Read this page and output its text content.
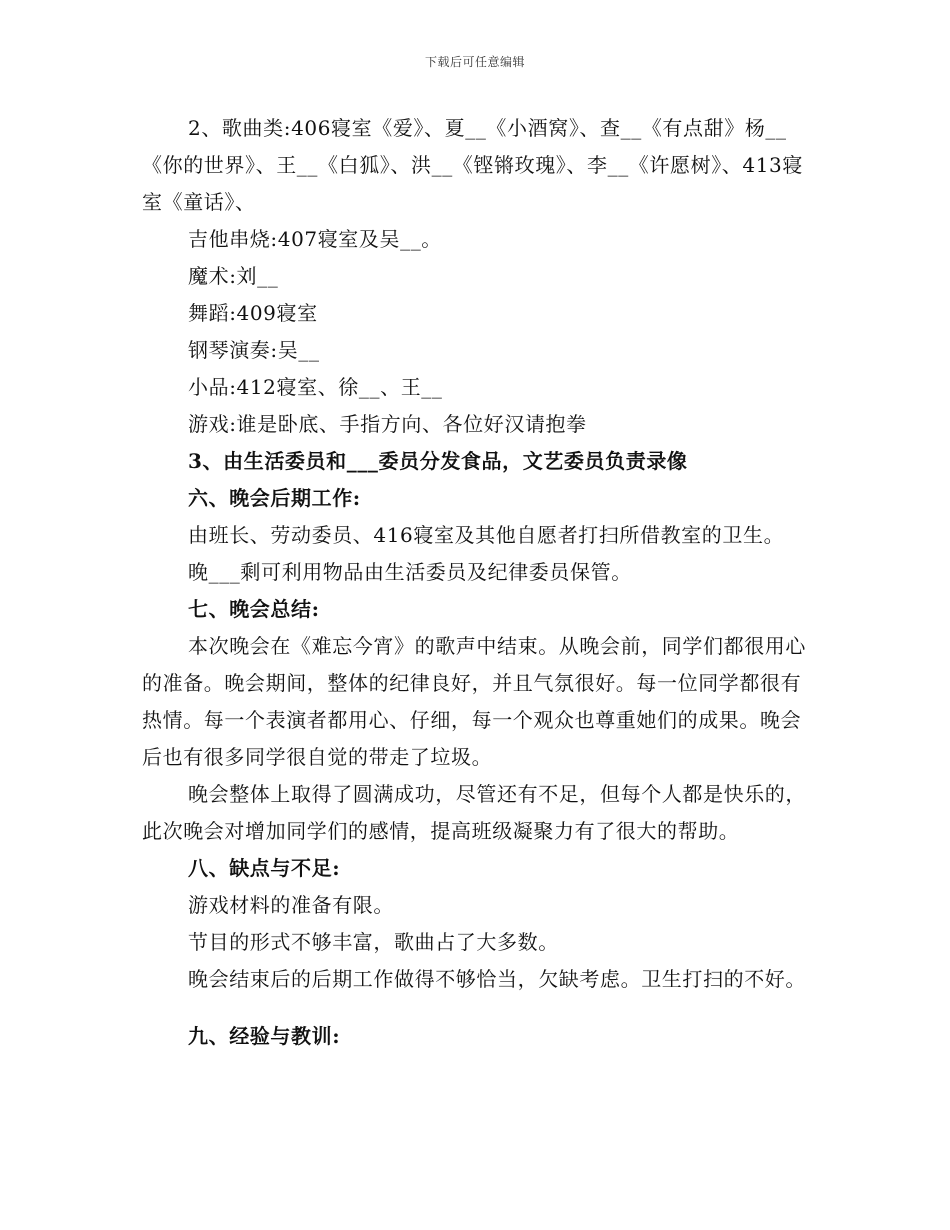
下载后可任意编辑

2、歌曲类:406寝室《爱》、夏__《小酒窝》、查__《有点甜》杨__《你的世界》、王__《白狐》、洪__《铿锵玫瑰》、李__《许愿树》、413寝室《童话》、

吉他串烧:407寝室及吴__。

魔术:刘__

舞蹈:409寝室

钢琴演奏:吴__

小品:412寝室、徐__、王__

游戏:谁是卧底、手指方向、各位好汉请抱拳

3、由生活委员和___委员分发食品，文艺委员负责录像

六、晚会后期工作:

由班长、劳动委员、416寝室及其他自愿者打扫所借教室的卫生。

晚___剩可利用物品由生活委员及纪律委员保管。

七、晚会总结:

本次晚会在《难忘今宵》的歌声中结束。从晚会前，同学们都很用心的准备。晚会期间，整体的纪律良好，并且气氛很好。每一位同学都很有热情。每一个表演者都用心、仔细，每一个观众也尊重她们的成果。晚会后也有很多同学很自觉的带走了垃圾。

晚会整体上取得了圆满成功，尽管还有不足，但每个人都是快乐的，此次晚会对增加同学们的感情，提高班级凝聚力有了很大的帮助。

八、缺点与不足:

游戏材料的准备有限。

节目的形式不够丰富，歌曲占了大多数。

晚会结束后的后期工作做得不够恰当，欠缺考虑。卫生打扫的不好。

九、经验与教训:
